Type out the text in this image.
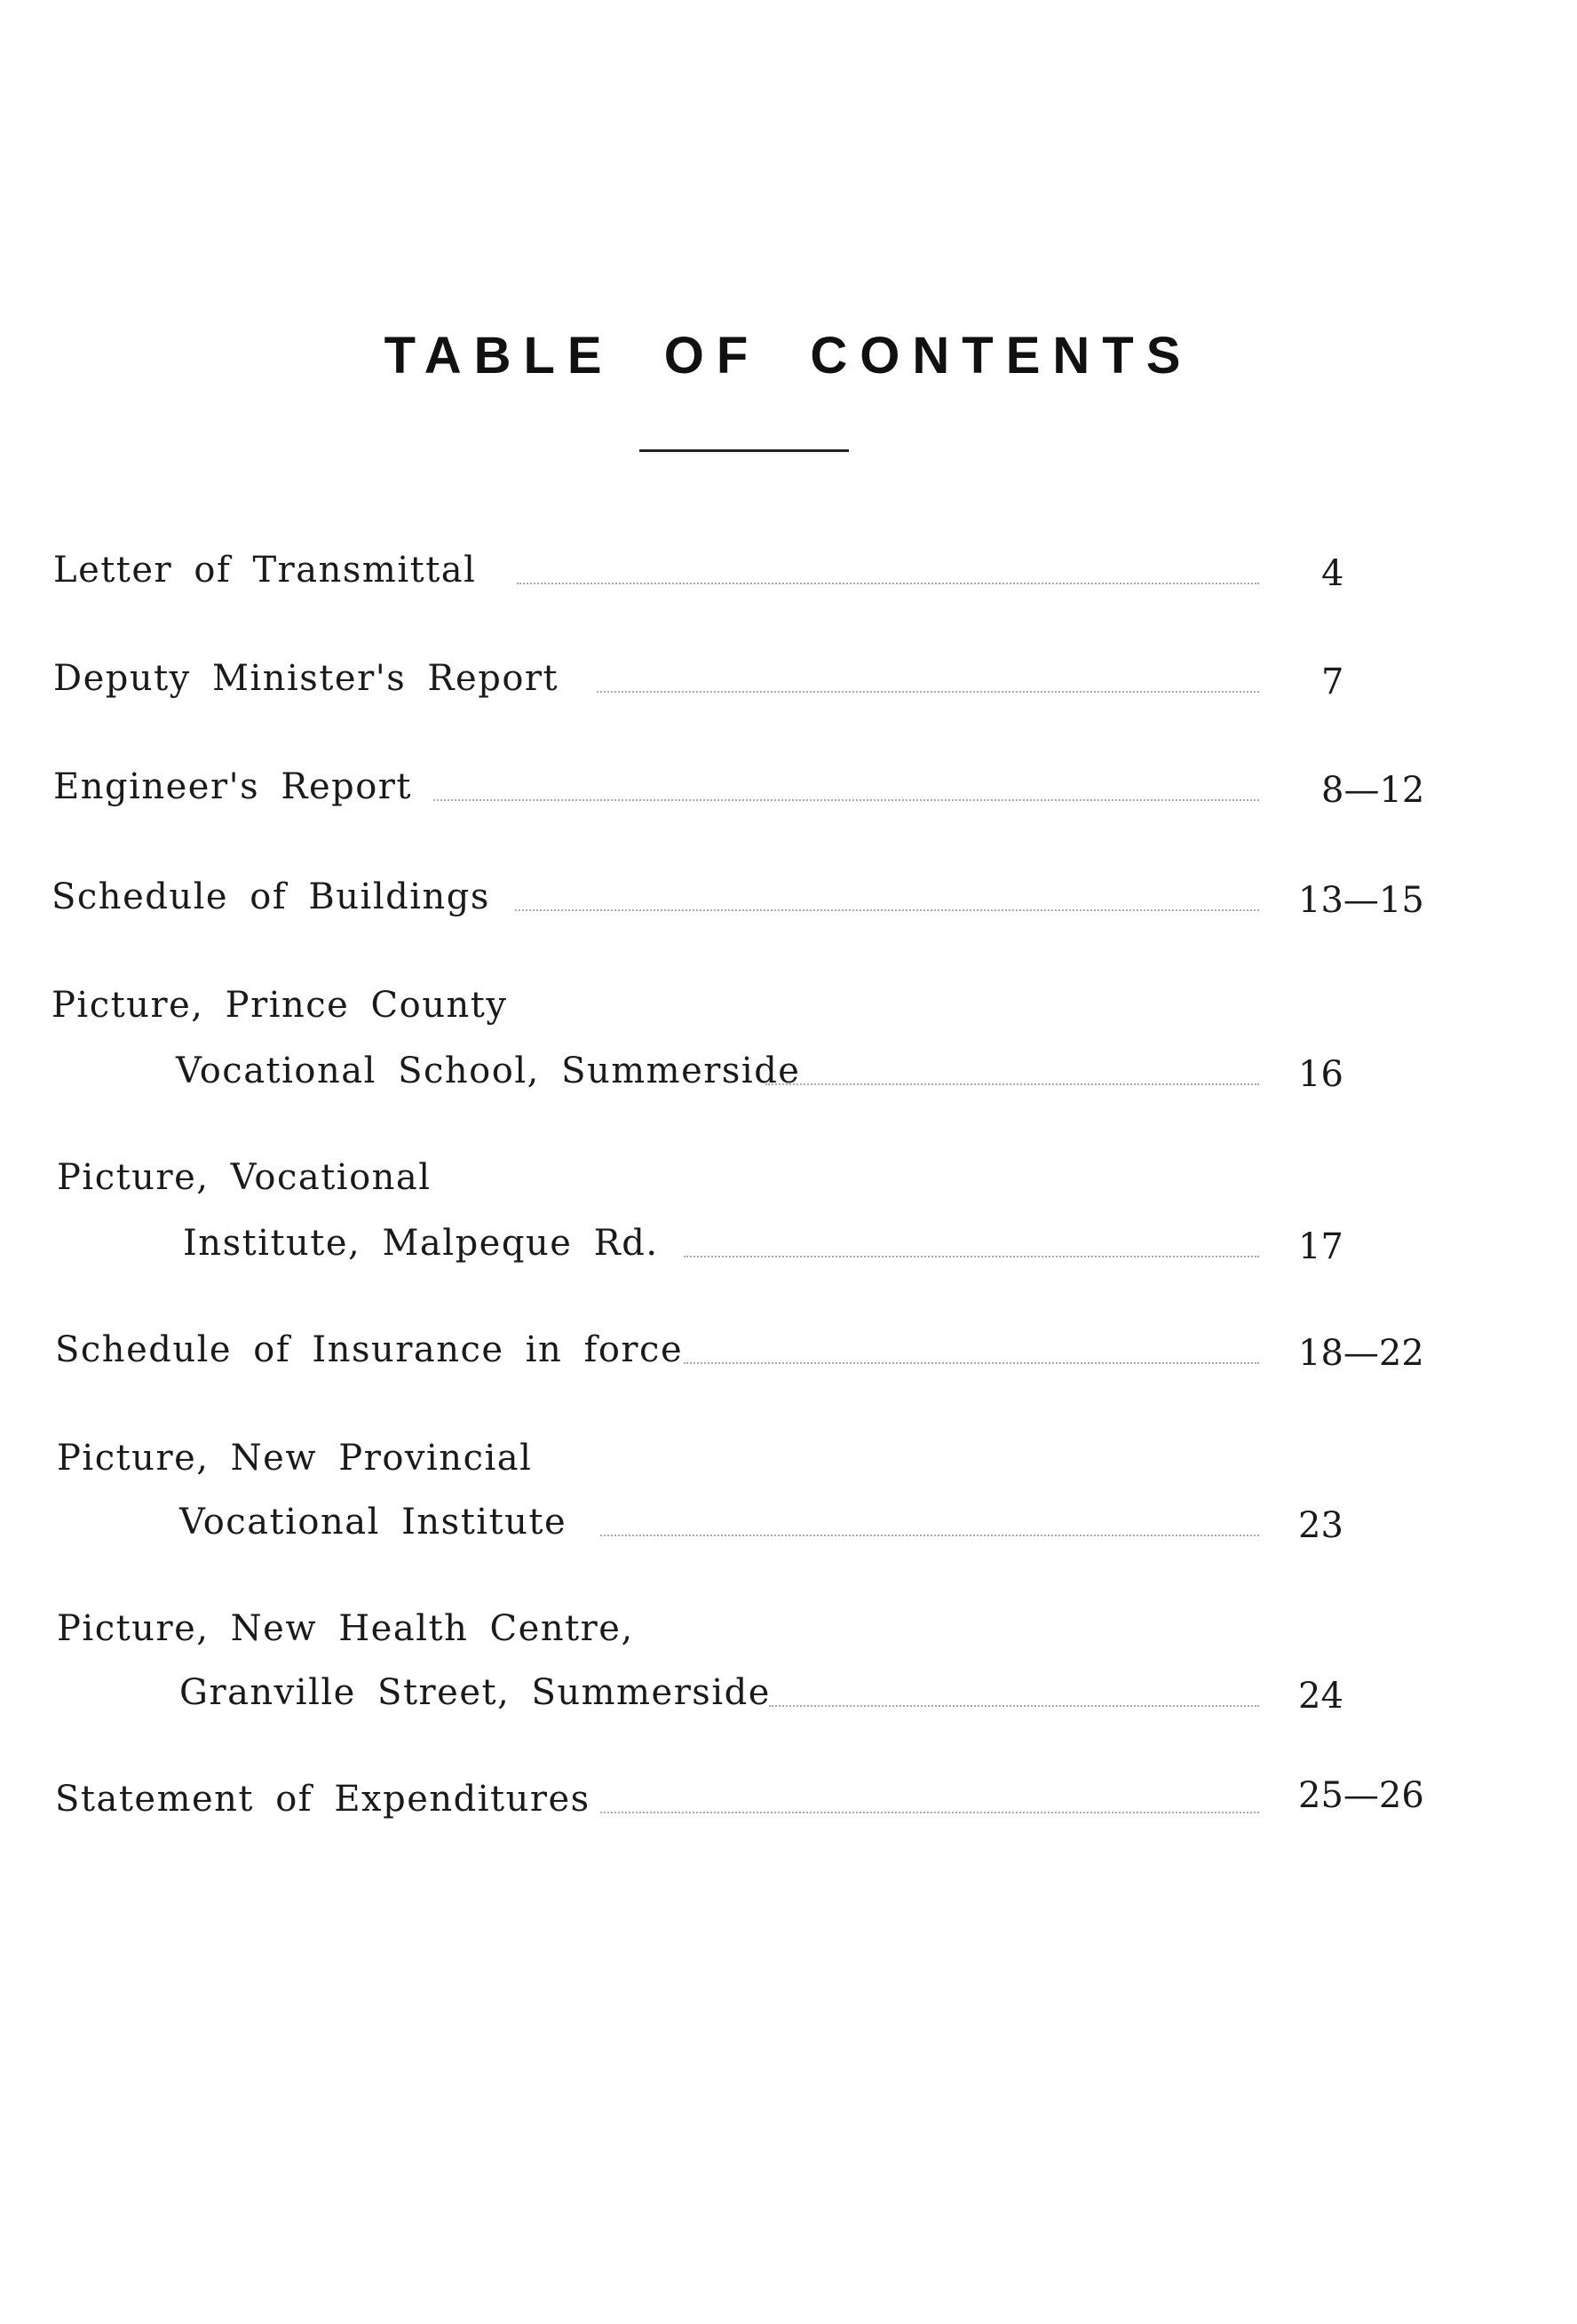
TABLE OF CONTENTS
Letter of Transmittal	4
Deputy Minister's Report	7
Engineer's Report	8—12
Schedule of Buildings	13—15
Picture, Prince County
Vocational School, Summerside	16
Picture, Vocational
Institute, Malpeque Rd.	17
Schedule of Insurance in force	18—22
Picture, New Provincial
Vocational Institute	23
Picture, New Health Centre,
Granville Street, Summerside	24
Statement of Expenditures	25—26
